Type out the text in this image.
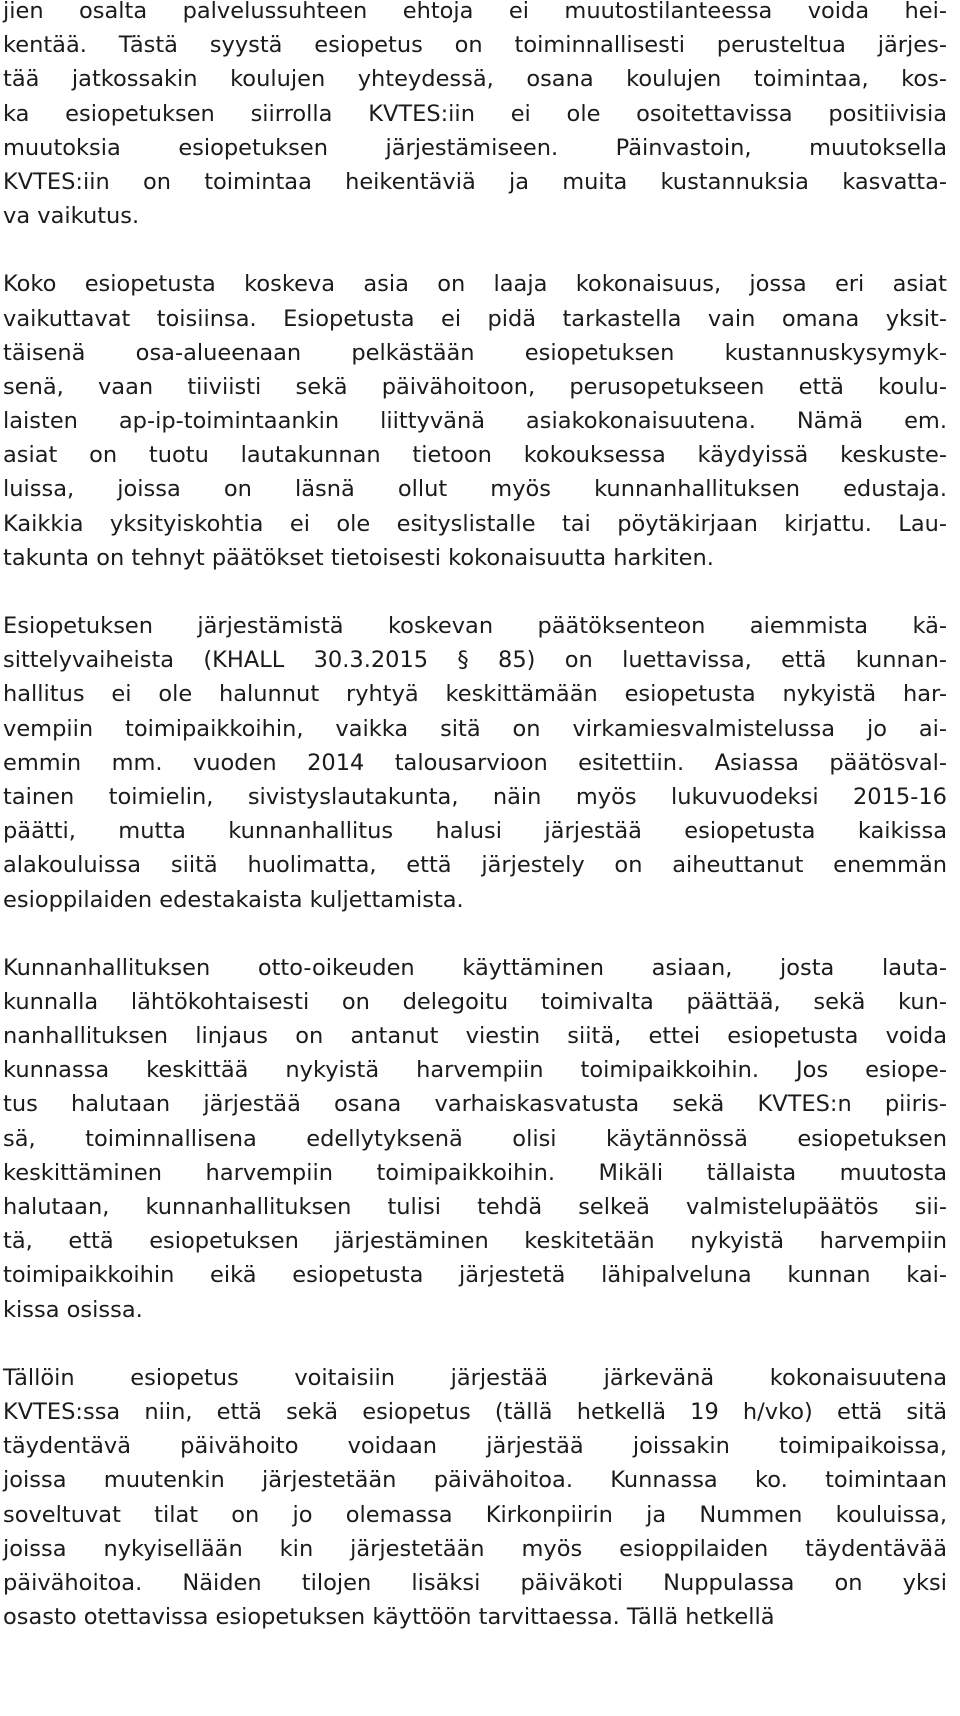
jien osalta palvelussuhteen ehtoja ei muutostilanteessa voida hei-
kentää. Tästä syystä esiopetus on toiminnallisesti perusteltua järjes-
tää jatkossakin koulujen yhteydessä, osana koulujen toimintaa, kos-
ka esiopetuksen siirrolla KVTES:iin ei ole osoitettavissa positiivisia
muutoksia esiopetuksen järjestämiseen. Päinvastoin, muutoksella
KVTES:iin on toimintaa heikentäviä ja muita kustannuksia kasvatta-
va vaikutus.
Koko esiopetusta koskeva asia on laaja kokonaisuus, jossa eri asiat
vaikuttavat toisiinsa. Esiopetusta ei pidä tarkastella vain omana yksit-
täisenä osa-alueenaan pelkästään esiopetuksen kustannuskysymyk-
senä, vaan tiiviisti sekä päivähoitoon, perusopetukseen että koulu-
laisten ap-ip-toimintaankin liittyvänä asiakokonaisuutena. Nämä em.
asiat on tuotu lautakunnan tietoon kokouksessa käydyissä keskuste-
luissa, joissa on läsnä ollut myös kunnanhallituksen edustaja.
Kaikkia yksityiskohtia ei ole esityslistalle tai pöytäkirjaan kirjattu. Lau-
takunta on tehnyt päätökset tietoisesti kokonaisuutta harkiten.
Esiopetuksen järjestämistä koskevan päätöksenteon aiemmista kä-
sittelyvaiheista (KHALL 30.3.2015 § 85) on luettavissa, että kunnan-
hallitus ei ole halunnut ryhtyä keskittämään esiopetusta nykyistä har-
vempiin toimipaikkoihin, vaikka sitä on virkamiesvalmistelussa jo ai-
emmin mm. vuoden 2014 talousarvioon esitettiin. Asiassa päätösval-
tainen toimielin, sivistyslautakunta, näin myös lukuvuodeksi 2015-16
päätti, mutta kunnanhallitus halusi järjestää esiopetusta kaikissa
alakouluissa siitä huolimatta, että järjestely on aiheuttanut enemmän
esioppilaiden edestakaista kuljettamista.
Kunnanhallituksen otto-oikeuden käyttäminen asiaan, josta lauta-
kunnalla lähtökohtaisesti on delegoitu toimivalta päättää, sekä kun-
nanhallituksen linjaus on antanut viestin siitä, ettei esiopetusta voida
kunnassa keskittää nykyistä harvempiin toimipaikkoihin. Jos esiope-
tus halutaan järjestää osana varhaiskasvatusta sekä KVTES:n piiris-
sä, toiminnallisena edellytyksenä olisi käytännössä esiopetuksen
keskittäminen harvempiin toimipaikkoihin. Mikäli tällaista muutosta
halutaan, kunnanhallituksen tulisi tehdä selkeä valmistelupäätös sii-
tä, että esiopetuksen järjestäminen keskitetään nykyistä harvempiin
toimipaikkoihin eikä esiopetusta järjestetä lähipalveluna kunnan kai-
kissa osissa.
Tällöin esiopetus voitaisiin järjestää järkevänä kokonaisuutena
KVTES:ssa niin, että sekä esiopetus (tällä hetkellä 19 h/vko) että sitä
täydentävä päivähoito voidaan järjestää joissakin toimipaikoissa,
joissa muutenkin järjestetään päivähoitoa. Kunnassa ko. toimintaan
soveltuvat tilat on jo olemassa Kirkonpiirin ja Nummen kouluissa,
joissa nykyisellään kin järjestetään myös esioppilaiden täydentävää
päivähoitoa. Näiden tilojen lisäksi päiväkoti Nuppulassa on yksi
osasto otettavissa esiopetuksen käyttöön tarvittaessa. Tällä hetkellä
